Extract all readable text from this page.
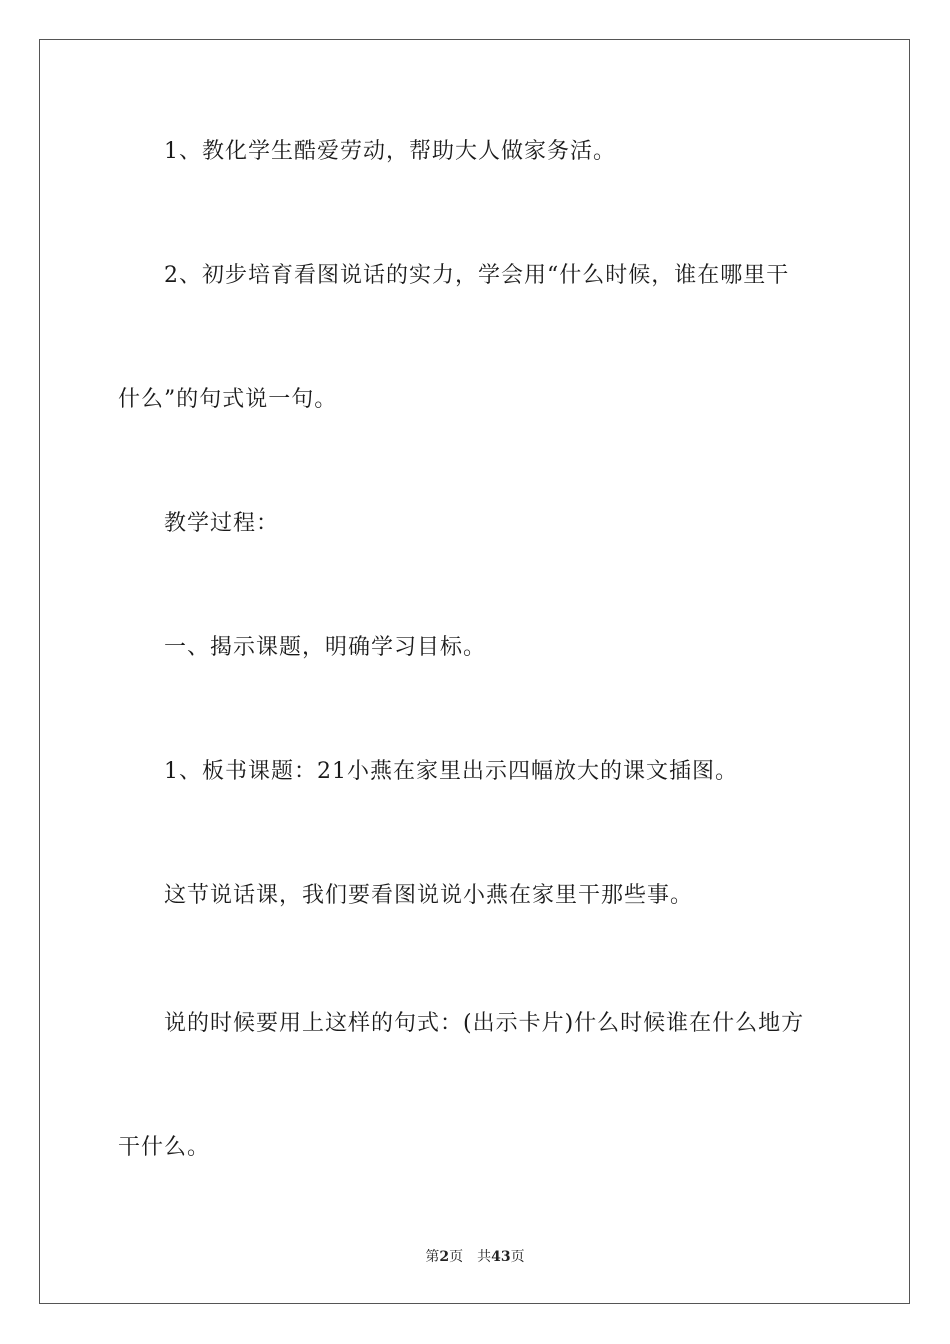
1、教化学生酷爱劳动，帮助大人做家务活。
2、初步培育看图说话的实力，学会用“什么时候，谁在哪里干
什么”的句式说一句。
教学过程：
一、揭示课题，明确学习目标。
1、板书课题：21小燕在家里出示四幅放大的课文插图。
这节说话课，我们要看图说说小燕在家里干那些事。
说的时候要用上这样的句式：(出示卡片)什么时候谁在什么地方
干什么。
第2页 共43页
